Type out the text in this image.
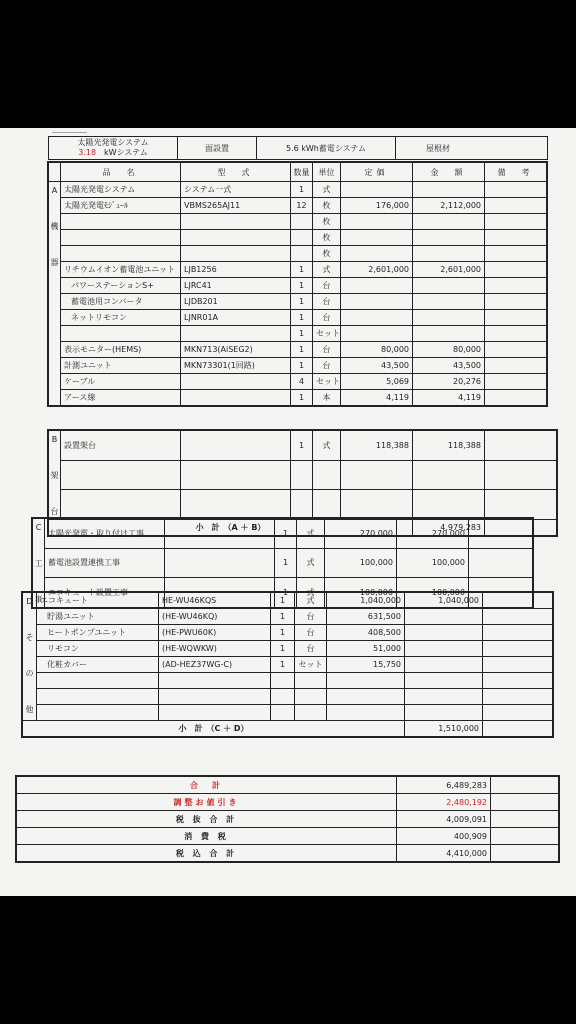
―――――
太陽光発電システム
3.18　 kWシステム	面設置	5.6 kWh蓄電システム	屋根材
	品　名	型　式	数量	単位	定価	金　額	備　考

A
機
器	太陽光発電システム	システム一式	1	式			
	太陽光発電ﾓｼﾞｭｰﾙ	VBMS265AJ11	12	枚	176,000	2,112,000	
				枚			
				枚			
				枚			
	リチウムイオン蓄電池ユニット	LJB1256	1	式	2,601,000	2,601,000	
	パワーステーションS+	LJRC41	1	台			
	蓄電池用コンバータ	LJDB201	1	台			
	ネットリモコン	LJNR01A	1	台			
			1	セット			
	表示モニター(HEMS)	MKN713(AiSEG2)	1	台	80,000	80,000	
	計測ユニット	MKN73301(1回路)	1	台	43,500	43,500	
	ケーブル		4	セット	5,069	20,276	
	アース線		1	本	4,119	4,119	
B
架
台	設置架台		1	式	118,388	118,388	

小　計　（A ＋ B）						4,979,283	
C
工
事	太陽光発電・取り付け工事		1	式	270,000	270,000	
	蓄電池設置連携工事		1	式	100,000	100,000	
	エコキュート設置工事		1	式	100,000	100,000	
D
そ
の
他	エコキュート	HE-WU46KQS	1	式	1,040,000	1,040,000	
	貯湯ユニット	(HE-WU46KQ)	1	台	631,500		
	ヒートポンプユニット	(HE-PWU60K)	1	台	408,500		
	リモコン	(HE-WQWKW)	1	台	51,000		
	化粧カバー	(AD-HEZ37WG-C)	1	セット	15,750		

小　計　（C ＋ D）						1,510,000	
合　計	6,489,283	
調整お値引き	2,480,192	
税 抜 合 計	4,009,091	
消 費 税	400,909	
税 込 合 計	4,410,000	
